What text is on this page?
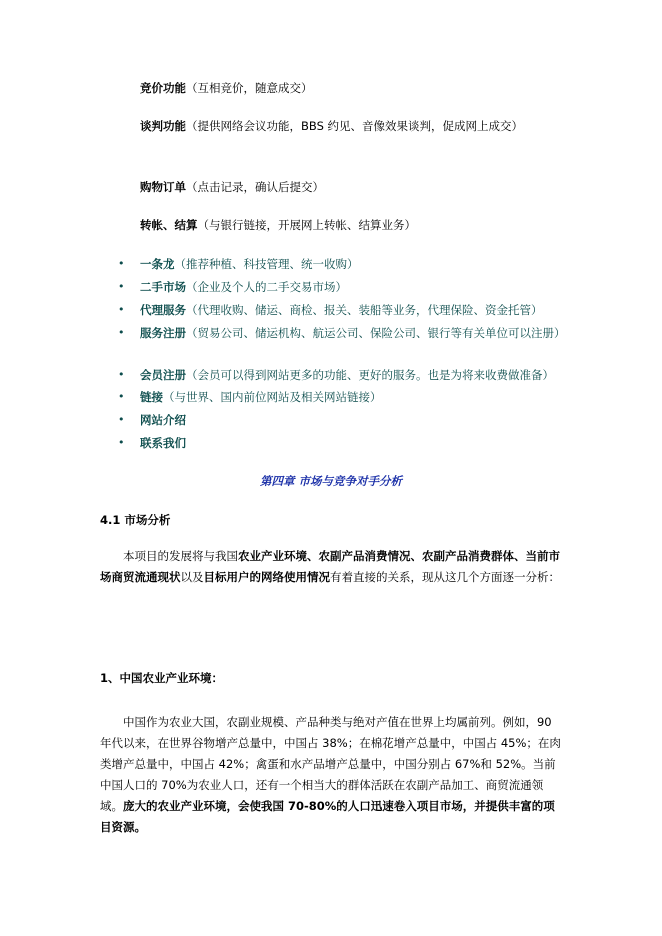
竞价功能（互相竞价，随意成交）
谈判功能（提供网络会议功能，BBS 约见、音像效果谈判，促成网上成交）
购物订单（点击记录，确认后提交）
转帐、结算（与银行链接，开展网上转帐、结算业务）
• 一条龙（推荐种植、科技管理、统一收购）
• 二手市场（企业及个人的二手交易市场）
• 代理服务（代理收购、储运、商检、报关、装船等业务，代理保险、资金托管）
• 服务注册（贸易公司、储运机构、航运公司、保险公司、银行等有关单位可以注册）
• 会员注册（会员可以得到网站更多的功能、更好的服务。也是为将来收费做准备）
• 链接（与世界、国内前位网站及相关网站链接）
• 网站介绍
• 联系我们
第四章 市场与竞争对手分析
4.1 市场分析
本项目的发展将与我国农业产业环境、农副产品消费情况、农副产品消费群体、当前市场商贸流通现状以及目标用户的网络使用情况有着直接的关系，现从这几个方面逐一分析：
1、中国农业产业环境：
中国作为农业大国，农副业规模、产品种类与绝对产值在世界上均属前列。例如，90 年代以来，在世界谷物增产总量中，中国占 38%；在棉花增产总量中，中国占 45%；在肉类增产总量中，中国占 42%；禽蛋和水产品增产总量中，中国分别占 67%和 52%。当前中国人口的 70%为农业人口，还有一个相当大的群体活跃在农副产品加工、商贸流通领域。庞大的农业产业环境，会使我国 70-80%的人口迅速卷入项目市场，并提供丰富的项目资源。
